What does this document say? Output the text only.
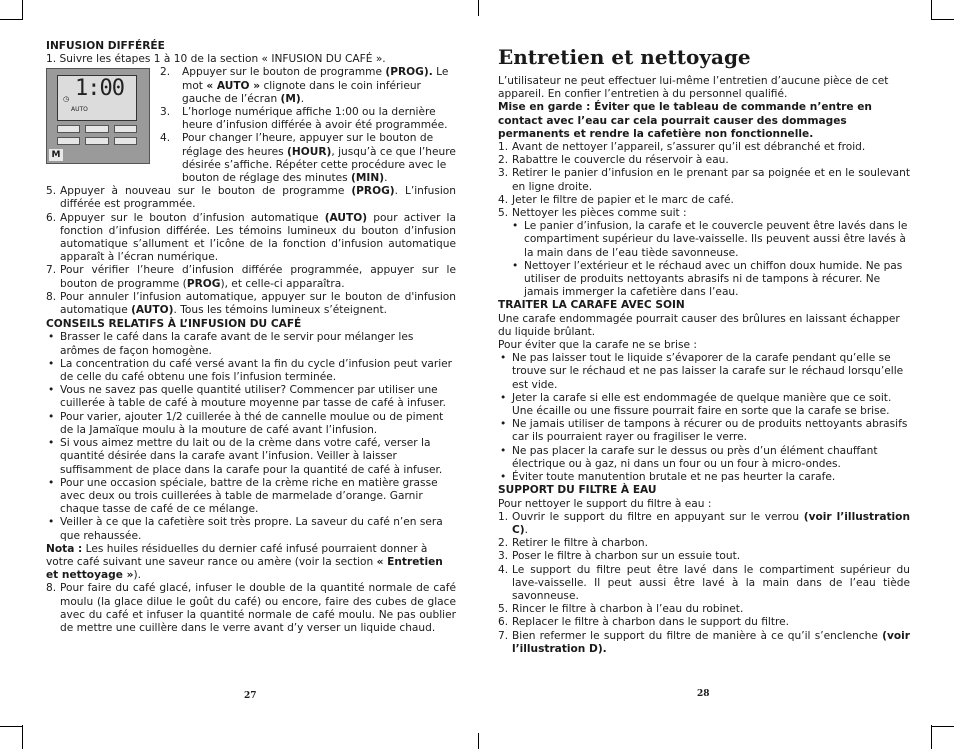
INFUSION DIFFÉRÉE

1. Suivre les étapes 1 à 10 de la section « INFUSION DU CAFÉ ».

◷ 1:00
AUTO
M
2. Appuyer sur le bouton de programme (PROG). Le mot « AUTO » clignote dans le coin inférieur gauche de l’écran (M).
3. L’horloge numérique affiche 1:00 ou la dernière heure d’infusion différée à avoir été programmée.
4. Pour changer l’heure, appuyer sur le bouton de réglage des heures (HOUR), jusqu’à ce que l’heure désirée s’affiche. Répéter cette procédure avec le bouton de réglage des minutes (MIN).
5. Appuyer à nouveau sur le bouton de programme (PROG). L’infusion différée est programmée.
6. Appuyer sur le bouton d’infusion automatique (AUTO) pour activer la fonction d’infusion différée. Les témoins lumineux du bouton d’infusion automatique s’allument et l’icône de la fonction d’infusion automatique apparaît à l’écran numérique.
7. Pour vérifier l’heure d’infusion différée programmée, appuyer sur le bouton de programme (PROG), et celle-ci apparaîtra.
8. Pour annuler l’infusion automatique, appuyer sur le bouton de d'infusion automatique (AUTO). Tous les témoins lumineux s’éteignent.

CONSEILS RELATIFS À L’INFUSION DU CAFÉ

• Brasser le café dans la carafe avant de le servir pour mélanger les arômes de façon homogène.
• La concentration du café versé avant la fin du cycle d’infusion peut varier de celle du café obtenu une fois l’infusion terminée.
• Vous ne savez pas quelle quantité utiliser? Commencer par utiliser une cuillerée à table de café à mouture moyenne par tasse de café à infuser.
• Pour varier, ajouter 1/2 cuillerée à thé de cannelle moulue ou de piment de la Jamaïque moulu à la mouture de café avant l’infusion.
• Si vous aimez mettre du lait ou de la crème dans votre café, verser la quantité désirée dans la carafe avant l’infusion. Veiller à laisser suffisamment de place dans la carafe pour la quantité de café à infuser.
• Pour une occasion spéciale, battre de la crème riche en matière grasse avec deux ou trois cuillerées à table de marmelade d’orange. Garnir chaque tasse de café de ce mélange.
• Veiller à ce que la cafetière soit très propre. La saveur du café n’en sera que rehaussée.

Nota : Les huiles résiduelles du dernier café infusé pourraient donner à votre café suivant une saveur rance ou amère (voir la section « Entretien et nettoyage »).

8. Pour faire du café glacé, infuser le double de la quantité normale de café moulu (la glace dilue le goût du café) ou encore, faire des cubes de glace avec du café et infuser la quantité normale de café moulu. Ne pas oublier de mettre une cuillère dans le verre avant d’y verser un liquide chaud.
27

Entretien et nettoyage

L’utilisateur ne peut effectuer lui-même l’entretien d’aucune pièce de cet appareil. En confier l’entretien à du personnel qualifié.

Mise en garde : Éviter que le tableau de commande n’entre en contact avec l’eau car cela pourrait causer des dommages permanents et rendre la cafetière non fonctionnelle.

1. Avant de nettoyer l’appareil, s’assurer qu’il est débranché et froid.
2. Rabattre le couvercle du réservoir à eau.
3. Retirer le panier d’infusion en le prenant par sa poignée et en le soulevant en ligne droite.
4. Jeter le filtre de papier et le marc de café.
5. Nettoyer les pièces comme suit :
• Le panier d’infusion, la carafe et le couvercle peuvent être lavés dans le compartiment supérieur du lave-vaisselle. Ils peuvent aussi être lavés à la main dans de l’eau tiède savonneuse.
• Nettoyer l’extérieur et le réchaud avec un chiffon doux humide. Ne pas utiliser de produits nettoyants abrasifs ni de tampons à récurer. Ne jamais immerger la cafetière dans l’eau.

TRAITER LA CARAFE AVEC SOIN

Une carafe endommagée pourrait causer des brûlures en laissant échapper du liquide brûlant.

Pour éviter que la carafe ne se brise :

• Ne pas laisser tout le liquide s’évaporer de la carafe pendant qu’elle se trouve sur le réchaud et ne pas laisser la carafe sur le réchaud lorsqu’elle est vide.
• Jeter la carafe si elle est endommagée de quelque manière que ce soit. Une écaille ou une fissure pourrait faire en sorte que la carafe se brise.
• Ne jamais utiliser de tampons à récurer ou de produits nettoyants abrasifs car ils pourraient rayer ou fragiliser le verre.
• Ne pas placer la carafe sur le dessus ou près d’un élément chauffant électrique ou à gaz, ni dans un four ou un four à micro-ondes.
• Éviter toute manutention brutale et ne pas heurter la carafe.

SUPPORT DU FILTRE À EAU

Pour nettoyer le support du filtre à eau :

1. Ouvrir le support du filtre en appuyant sur le verrou (voir l’illustration C).
2. Retirer le filtre à charbon.
3. Poser le filtre à charbon sur un essuie tout.
4. Le support du filtre peut être lavé dans le compartiment supérieur du lave-vaisselle. Il peut aussi être lavé à la main dans de l’eau tiède savonneuse.
5. Rincer le filtre à charbon à l’eau du robinet.
6. Replacer le filtre à charbon dans le support du filtre.
7. Bien refermer le support du filtre de manière à ce qu’il s’enclenche (voir l’illustration D).
28
